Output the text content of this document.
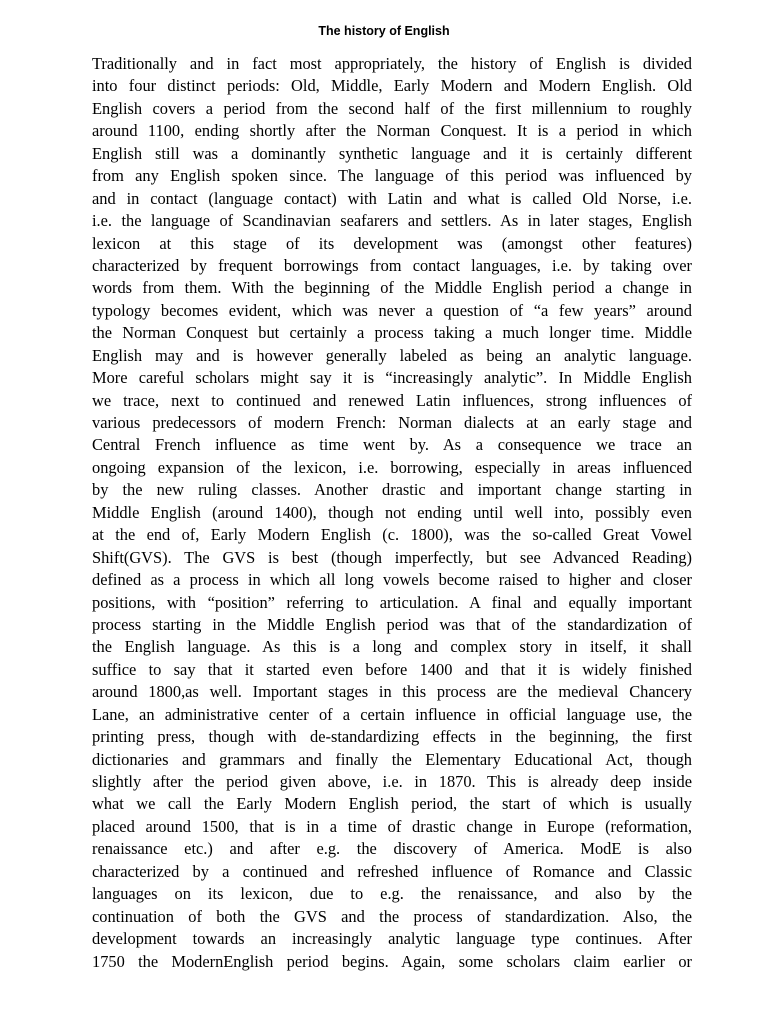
The history of English
Traditionally and in fact most appropriately, the history of English is divided
into four distinct periods: Old, Middle, Early Modern and Modern English. Old
English covers a period from the second half of the first millennium to roughly
around 1100, ending shortly after the Norman Conquest. It is a period in which
English still was a dominantly synthetic language and it is certainly different
from any English spoken since. The language of this period was influenced by
and in contact (language contact) with Latin and what is called Old Norse, i.e.
i.e. the language of Scandinavian seafarers and settlers. As in later stages, English
lexicon at this stage of its development was (amongst other features)
characterized by frequent borrowings from contact languages, i.e. by taking over
words from them. With the beginning of the Middle English period a change in
typology becomes evident, which was never a question of “a few years” around
the Norman Conquest but certainly a process taking a much longer time. Middle
English may and is however generally labeled as being an analytic language.
More careful scholars might say it is “increasingly analytic”. In Middle English
we trace, next to continued and renewed Latin influences, strong influences of
various predecessors of modern French: Norman dialects at an early stage and
Central French influence as time went by. As a consequence we trace an
ongoing expansion of the lexicon, i.e. borrowing, especially in areas influenced
by the new ruling classes. Another drastic and important change starting in
Middle English (around 1400), though not ending until well into, possibly even
at the end of, Early Modern English (c. 1800), was the so-called Great Vowel
Shift(GVS). The GVS is best (though imperfectly, but see Advanced Reading)
defined as a process in which all long vowels become raised to higher and closer
positions, with “position” referring to articulation. A final and equally important
process starting in the Middle English period was that of the standardization of
the English language. As this is a long and complex story in itself, it shall
suffice to say that it started even before 1400 and that it is widely finished
around 1800,as well. Important stages in this process are the medieval Chancery
Lane, an administrative center of a certain influence in official language use, the
printing press, though with de-standardizing effects in the beginning, the first
dictionaries and grammars and finally the Elementary Educational Act, though
slightly after the period given above, i.e. in 1870. This is already deep inside
what we call the Early Modern English period, the start of which is usually
placed around 1500, that is in a time of drastic change in Europe (reformation,
renaissance etc.) and after e.g. the discovery of America. ModE is also
characterized by a continued and refreshed influence of Romance and Classic
languages on its lexicon, due to e.g. the renaissance, and also by the
continuation of both the GVS and the process of standardization. Also, the
development towards an increasingly analytic language type continues. After
1750 the ModernEnglish period begins. Again, some scholars claim earlier or
